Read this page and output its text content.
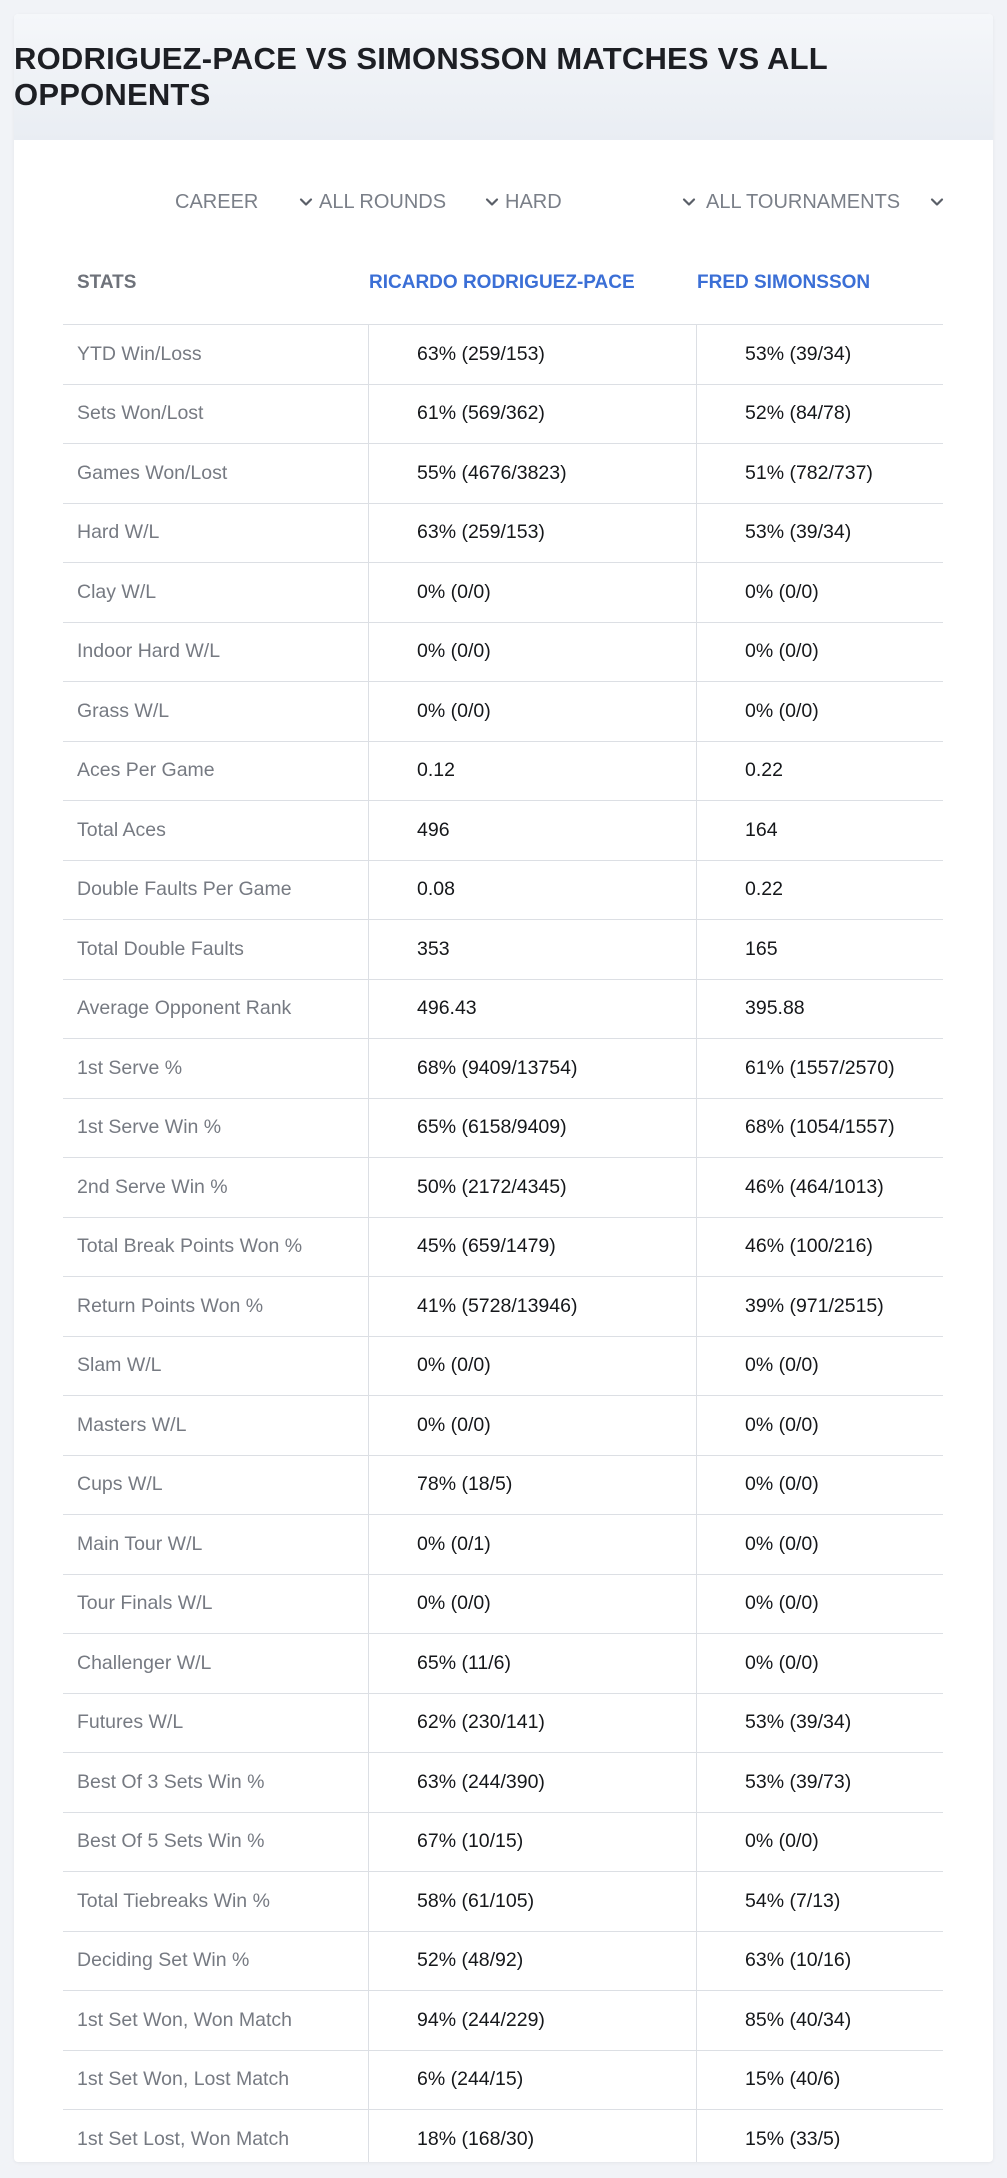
RODRIGUEZ-PACE VS SIMONSSON MATCHES VS ALL OPPONENTS
CAREER	ALL ROUNDS	HARD	ALL TOURNAMENTS
STATS	RICARDO RODRIGUEZ-PACE	FRED SIMONSSON
YTD Win/Loss	63% (259/153)	53% (39/34)
Sets Won/Lost	61% (569/362)	52% (84/78)
Games Won/Lost	55% (4676/3823)	51% (782/737)
Hard W/L	63% (259/153)	53% (39/34)
Clay W/L	0% (0/0)	0% (0/0)
Indoor Hard W/L	0% (0/0)	0% (0/0)
Grass W/L	0% (0/0)	0% (0/0)
Aces Per Game	0.12	0.22
Total Aces	496	164
Double Faults Per Game	0.08	0.22
Total Double Faults	353	165
Average Opponent Rank	496.43	395.88
1st Serve %	68% (9409/13754)	61% (1557/2570)
1st Serve Win %	65% (6158/9409)	68% (1054/1557)
2nd Serve Win %	50% (2172/4345)	46% (464/1013)
Total Break Points Won %	45% (659/1479)	46% (100/216)
Return Points Won %	41% (5728/13946)	39% (971/2515)
Slam W/L	0% (0/0)	0% (0/0)
Masters W/L	0% (0/0)	0% (0/0)
Cups W/L	78% (18/5)	0% (0/0)
Main Tour W/L	0% (0/1)	0% (0/0)
Tour Finals W/L	0% (0/0)	0% (0/0)
Challenger W/L	65% (11/6)	0% (0/0)
Futures W/L	62% (230/141)	53% (39/34)
Best Of 3 Sets Win %	63% (244/390)	53% (39/73)
Best Of 5 Sets Win %	67% (10/15)	0% (0/0)
Total Tiebreaks Win %	58% (61/105)	54% (7/13)
Deciding Set Win %	52% (48/92)	63% (10/16)
1st Set Won, Won Match	94% (244/229)	85% (40/34)
1st Set Won, Lost Match	6% (244/15)	15% (40/6)
1st Set Lost, Won Match	18% (168/30)	15% (33/5)
